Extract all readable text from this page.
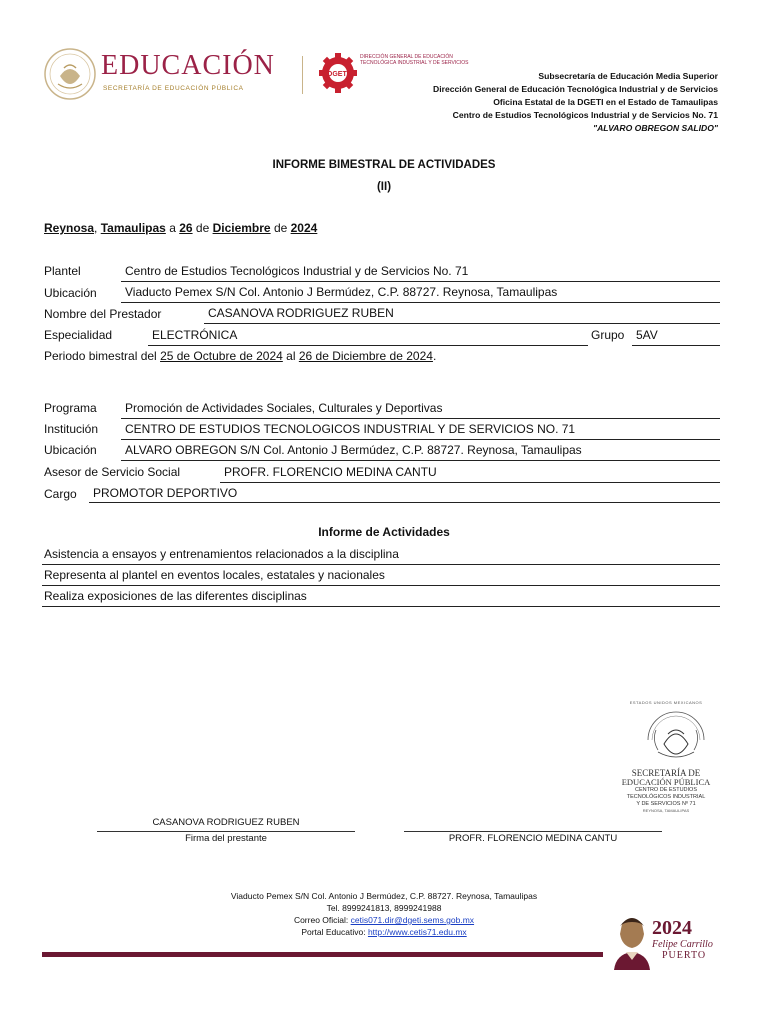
EDUCACIÓN
SECRETARÍA DE EDUCACIÓN PÚBLICA
DGETI
DIRECCIÓN GENERAL DE EDUCACIÓN TECNOLÓGICA INDUSTRIAL Y DE SERVICIOS
Subsecretaría de Educación Media Superior
Dirección General de Educación Tecnológica Industrial y de Servicios
Oficina Estatal de la DGETI en el Estado de Tamaulipas
Centro de Estudios Tecnológicos Industrial y de Servicios No. 71
"ALVARO OBREGON SALIDO"
INFORME BIMESTRAL DE ACTIVIDADES
(II)
Reynosa, Tamaulipas a 26 de Diciembre de 2024
Plantel	Centro de Estudios Tecnológicos Industrial y de Servicios No. 71
Ubicación Viaducto Pemex S/N Col. Antonio J Bermúdez, C.P. 88727. Reynosa, Tamaulipas
Nombre del Prestador	CASANOVA RODRIGUEZ RUBEN
Especialidad	ELECTRÓNICA	Grupo 5AV
Periodo bimestral del 25 de Octubre de 2024 al 26 de Diciembre de 2024.
Programa Promoción de Actividades Sociales, Culturales y Deportivas
Institución CENTRO DE ESTUDIOS TECNOLOGICOS INDUSTRIAL Y DE SERVICIOS NO. 71
Ubicación ALVARO OBREGON S/N Col. Antonio J Bermúdez, C.P. 88727. Reynosa, Tamaulipas
Asesor de Servicio Social	PROFR. FLORENCIO MEDINA CANTU
Cargo PROMOTOR DEPORTIVO
Informe de Actividades
Asistencia a ensayos y entrenamientos relacionados a la disciplina
Representa al plantel en eventos locales, estatales y nacionales
Realiza exposiciones de las diferentes disciplinas
ESTADOS UNIDOS MEXICANOS
SECRETARÍA DE
EDUCACIÓN PÚBLICA
CENTRO DE ESTUDIOS
TECNOLÓGICOS INDUSTRIAL
Y DE SERVICIOS Nº 71
REYNOSA, TAMAULIPAS
CASANOVA RODRIGUEZ RUBEN
Firma del prestante	PROFR. FLORENCIO MEDINA CANTU
Viaducto Pemex S/N Col. Antonio J Bermúdez, C.P. 88727. Reynosa, Tamaulipas
Tel. 8999241813, 8999241988
Correo Oficial: cetis071.dir@dgeti.sems.gob.mx
Portal Educativo: http://www.cetis71.edu.mx	2024
Felipe Carrillo
PUERTO
